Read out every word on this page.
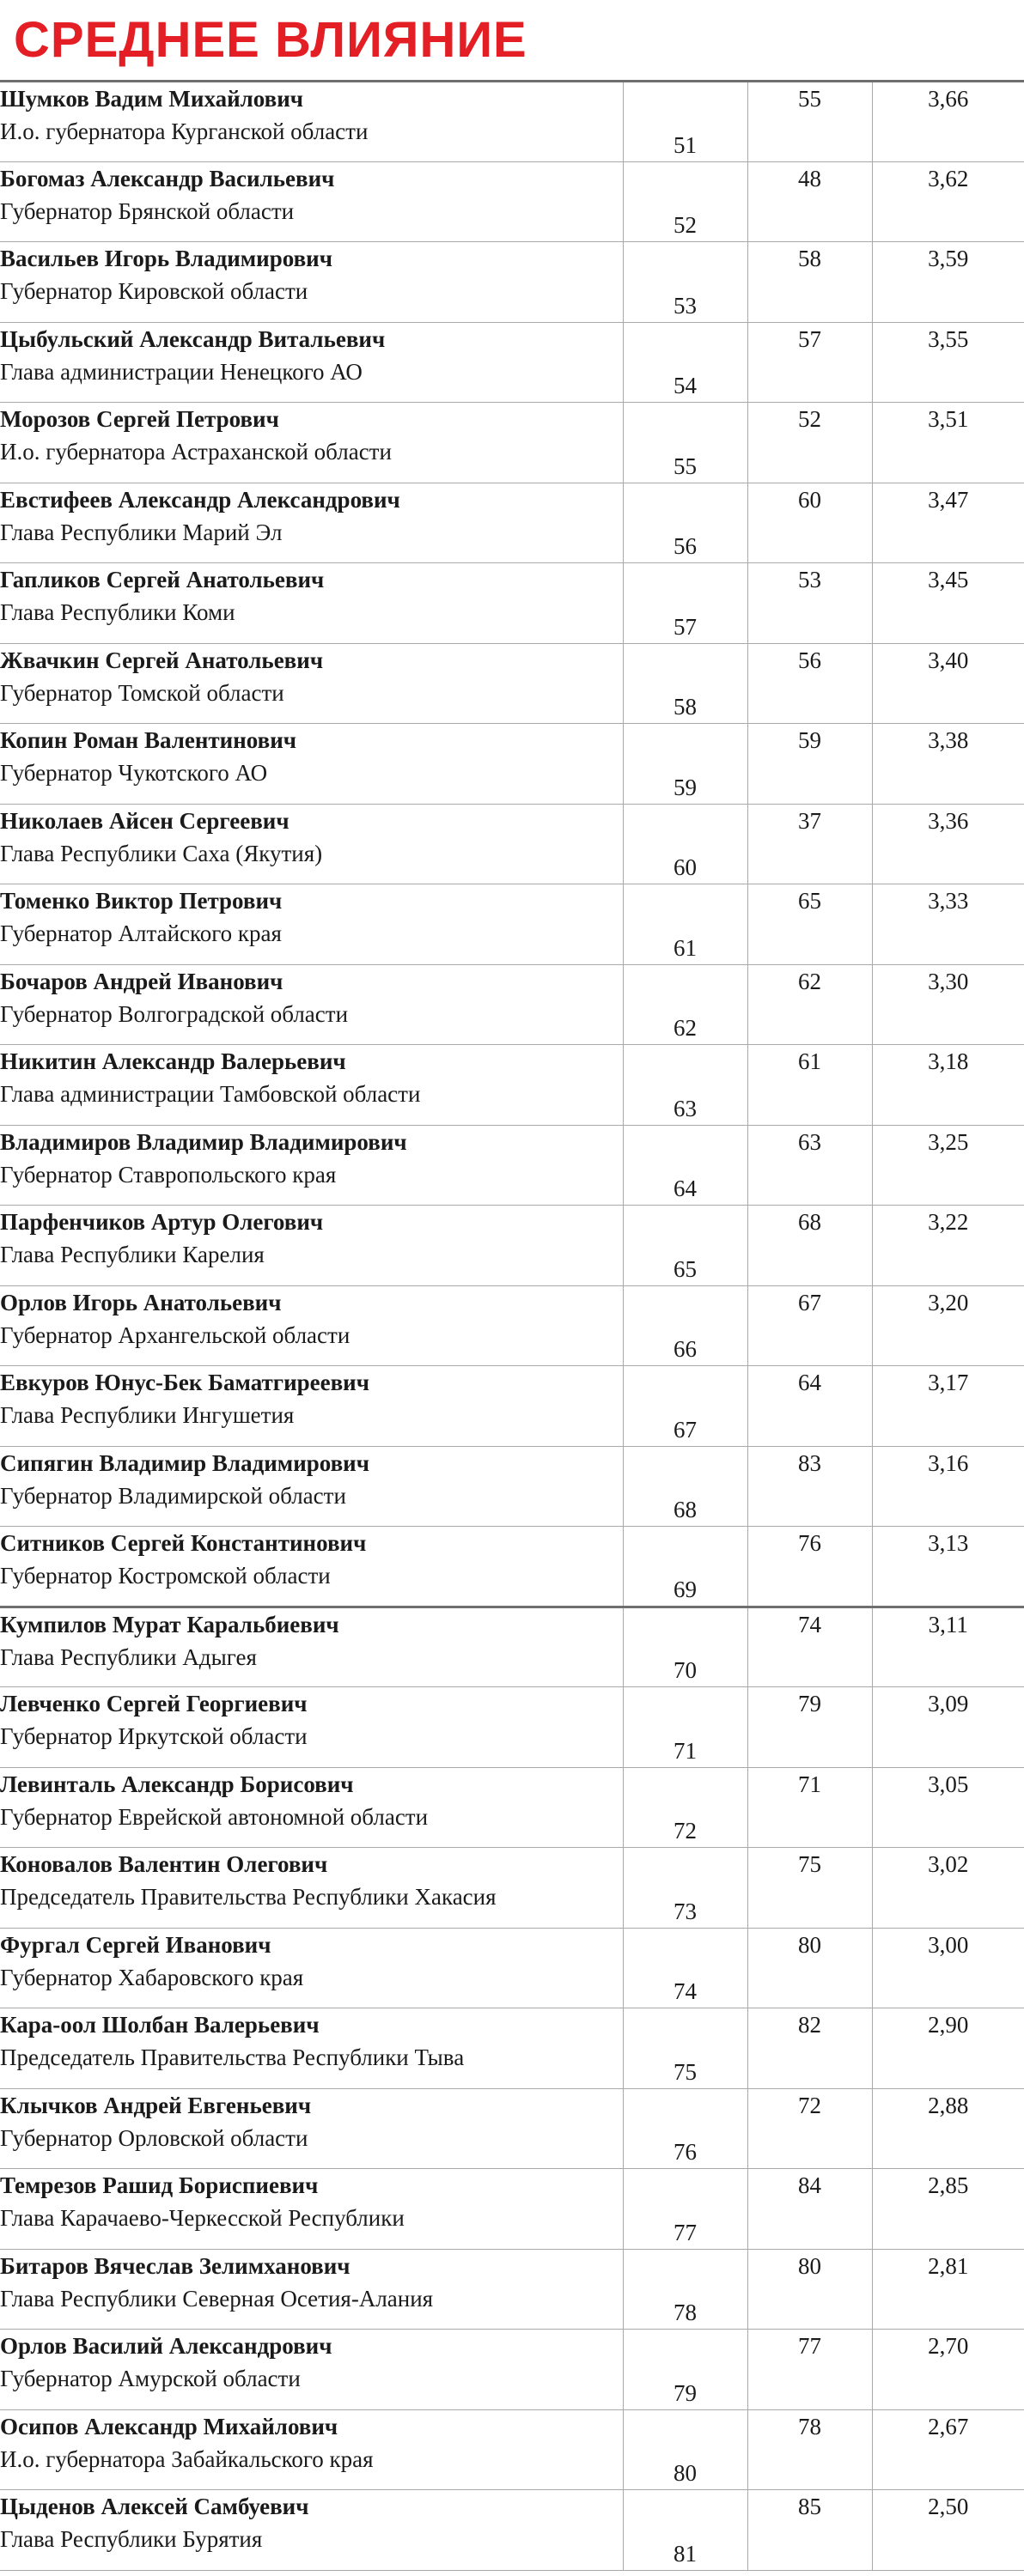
СРЕДНЕЕ ВЛИЯНИЕ
Шумков Вадим Михайлович
И.о. губернатора Курганской области	51	55	3,66

Богомаз Александр Васильевич
Губернатор Брянской области	52	48	3,62

Васильев Игорь Владимирович
Губернатор Кировской области	53	58	3,59

Цыбульский Александр Витальевич
Глава администрации Ненецкого АО	54	57	3,55

Морозов Сергей Петрович
И.о. губернатора Астраханской области	55	52	3,51

Евстифеев Александр Александрович
Глава Республики Марий Эл	56	60	3,47

Гапликов Сергей Анатольевич
Глава Республики Коми	57	53	3,45

Жвачкин Сергей Анатольевич
Губернатор Томской области	58	56	3,40

Копин Роман Валентинович
Губернатор Чукотского АО	59	59	3,38

Николаев Айсен Сергеевич
Глава Республики Саха (Якутия)	60	37	3,36

Томенко Виктор Петрович
Губернатор Алтайского края	61	65	3,33

Бочаров Андрей Иванович
Губернатор Волгоградской области	62	62	3,30

Никитин Александр Валерьевич
Глава администрации Тамбовской области	63	61	3,18

Владимиров Владимир Владимирович
Губернатор Ставропольского края	64	63	3,25

Парфенчиков Артур Олегович
Глава Республики Карелия	65	68	3,22

Орлов Игорь Анатольевич
Губернатор Архангельской области	66	67	3,20

Евкуров Юнус-Бек Баматгиреевич
Глава Республики Ингушетия	67	64	3,17

Сипягин Владимир Владимирович
Губернатор Владимирской области	68	83	3,16

Ситников Сергей Константинович
Губернатор Костромской области	69	76	3,13

Кумпилов Мурат Каральбиевич
Глава Республики Адыгея	70	74	3,11

Левченко Сергей Георгиевич
Губернатор Иркутской области	71	79	3,09

Левинталь Александр Борисович
Губернатор Еврейской автономной области	72	71	3,05

Коновалов Валентин Олегович
Председатель Правительства Республики Хакасия	73	75	3,02

Фургал Сергей Иванович
Губернатор Хабаровского края	74	80	3,00

Кара-оол Шолбан Валерьевич
Председатель Правительства Республики Тыва	75	82	2,90

Клычков Андрей Евгеньевич
Губернатор Орловской области	76	72	2,88

Темрезов Рашид Бориспиевич
Глава Карачаево-Черкесской Республики	77	84	2,85

Битаров Вячеслав Зелимханович
Глава Республики Северная Осетия-Алания	78	80	2,81

Орлов Василий Александрович
Губернатор Амурской области	79	77	2,70

Осипов Александр Михайлович
И.о. губернатора Забайкальского края	80	78	2,67

Цыденов Алексей Самбуевич
Глава Республики Бурятия	81	85	2,50
